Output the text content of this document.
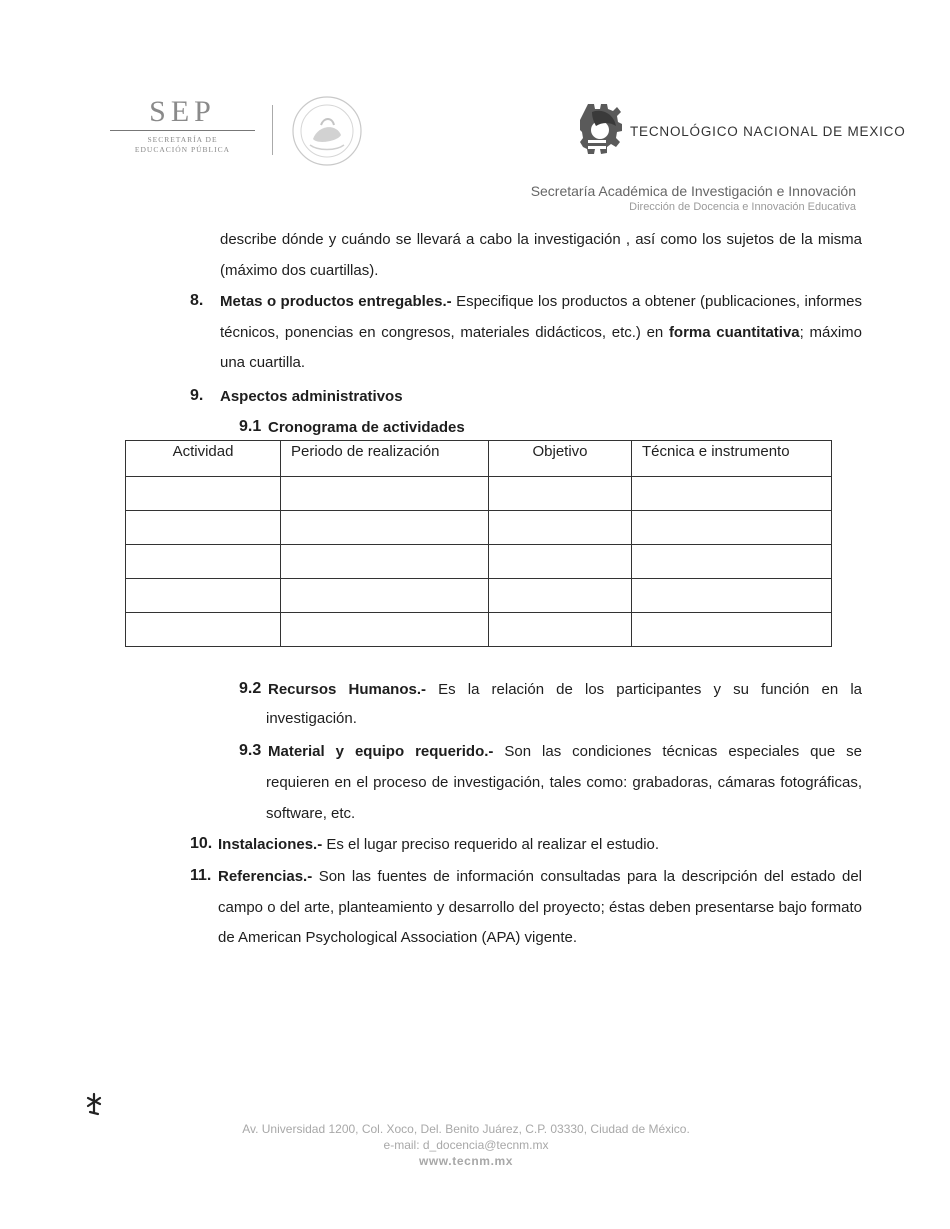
SEP
SECRETARÍA DE
EDUCACIÓN PÚBLICA
TECNOLÓGICO NACIONAL DE MEXICO
Secretaría Académica de Investigación e Innovación
Dirección de Docencia e Innovación Educativa
describe dónde y cuándo se llevará a cabo la investigación , así como los sujetos de la misma (máximo dos cuartillas).
8. Metas o productos entregables.- Especifique los productos a obtener (publicaciones, informes técnicos, ponencias en congresos, materiales didácticos, etc.) en forma cuantitativa; máximo una cuartilla.
9. Aspectos administrativos
9.1 Cronograma de actividades
Actividad	Periodo de realización	Objetivo	Técnica e instrumento

9.2 Recursos Humanos.- Es la relación de los participantes y su función en la
investigación.
9.3 Material y equipo requerido.- Son las condiciones técnicas especiales que se
requieren en el proceso de investigación, tales como: grabadoras, cámaras fotográficas, software, etc.
10. Instalaciones.- Es el lugar preciso requerido al realizar el estudio.
11. Referencias.- Son las fuentes de información consultadas para la descripción del estado del campo o del arte, planteamiento y desarrollo del proyecto; éstas deben presentarse bajo formato de American Psychological Association (APA) vigente.
Av. Universidad 1200, Col. Xoco, Del. Benito Juárez, C.P. 03330, Ciudad de México.
e-mail: d_docencia@tecnm.mx
www.tecnm.mx
